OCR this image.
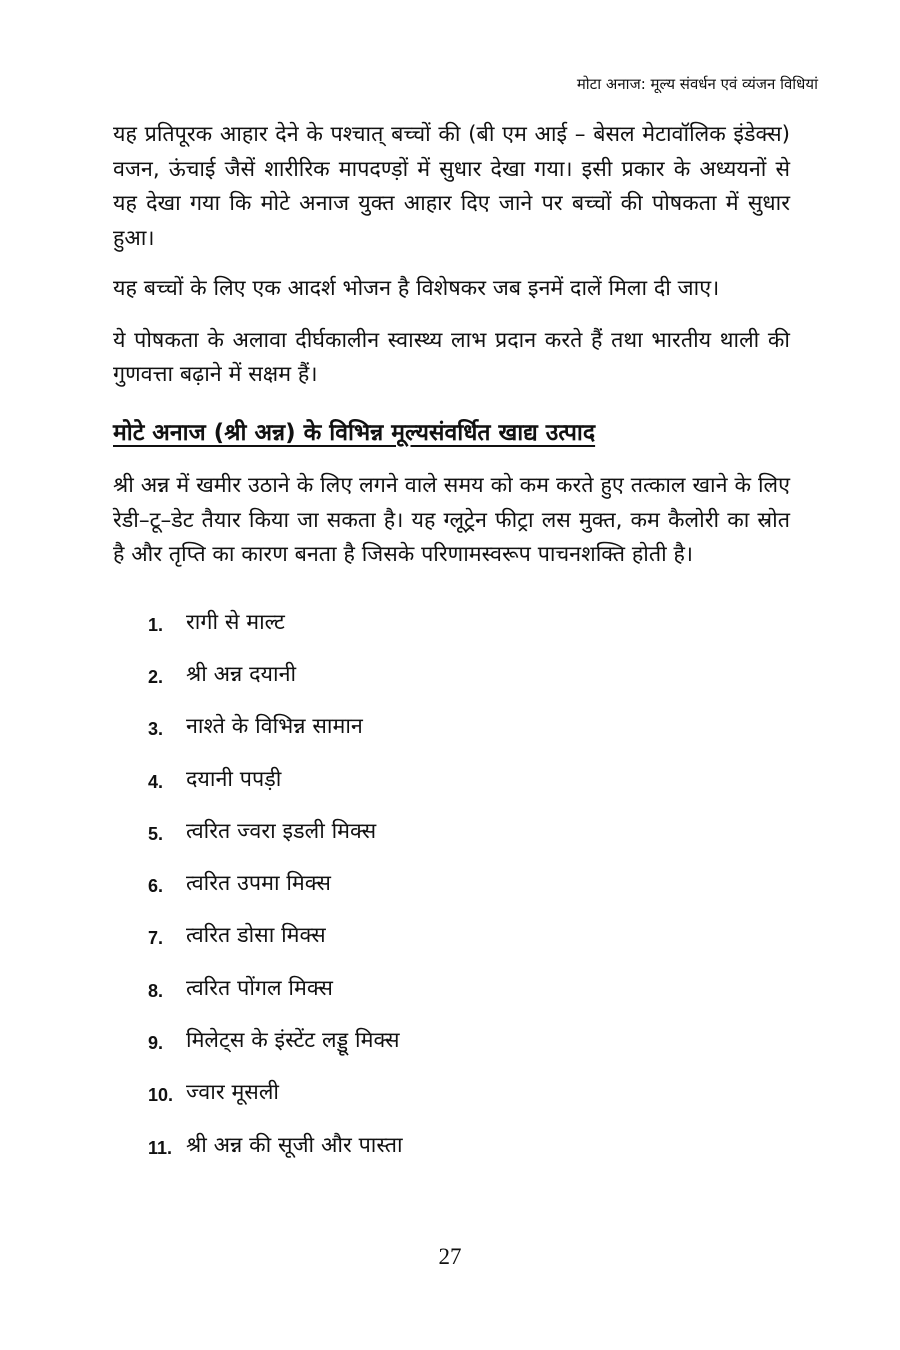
मोटा अनाज: मूल्य संवर्धन एवं व्यंजन विधियां

यह प्रतिपूरक आहार देने के पश्चात् बच्चों की (बी एम आई – बेसल मेटावॉलिक इंडेक्स) वजन, ऊंचाई जैसें शारीरिक मापदण्ड़ों में सुधार देखा गया। इसी प्रकार के अध्ययनों से यह देखा गया कि मोटे अनाज युक्त आहार दिए जाने पर बच्चों की पोषकता में सुधार हुआ।

यह बच्चों के लिए एक आदर्श भोजन है विशेषकर जब इनमें दालें मिला दी जाए।

ये पोषकता के अलावा दीर्घकालीन स्वास्थ्य लाभ प्रदान करते हैं तथा भारतीय थाली की गुणवत्ता बढ़ाने में सक्षम हैं।

मोटे अनाज (श्री अन्न) के विभिन्न मूल्यसंवर्धित खाद्य उत्पाद

श्री अन्न में खमीर उठाने के लिए लगने वाले समय को कम करते हुए तत्काल खाने के लिए रेडी–टू–डेट तैयार किया जा सकता है। यह ग्लूट्रेन फीट्रा लस मुक्त, कम कैलोरी का स्रोत है और तृप्ति का कारण बनता है जिसके परिणामस्वरूप पाचनशक्ति होती है।

1.	रागी से माल्ट
2.	श्री अन्न दयानी
3.	नाश्ते के विभिन्न सामान
4.	दयानी पपड़ी
5.	त्वरित ज्वरा इडली मिक्स
6.	त्वरित उपमा मिक्स
7.	त्वरित डोसा मिक्स
8.	त्वरित पोंगल मिक्स
9.	मिलेट्स के इंस्टेंट लड्डू मिक्स
10. ज्वार मूसली
11. श्री अन्न की सूजी और पास्ता
27
